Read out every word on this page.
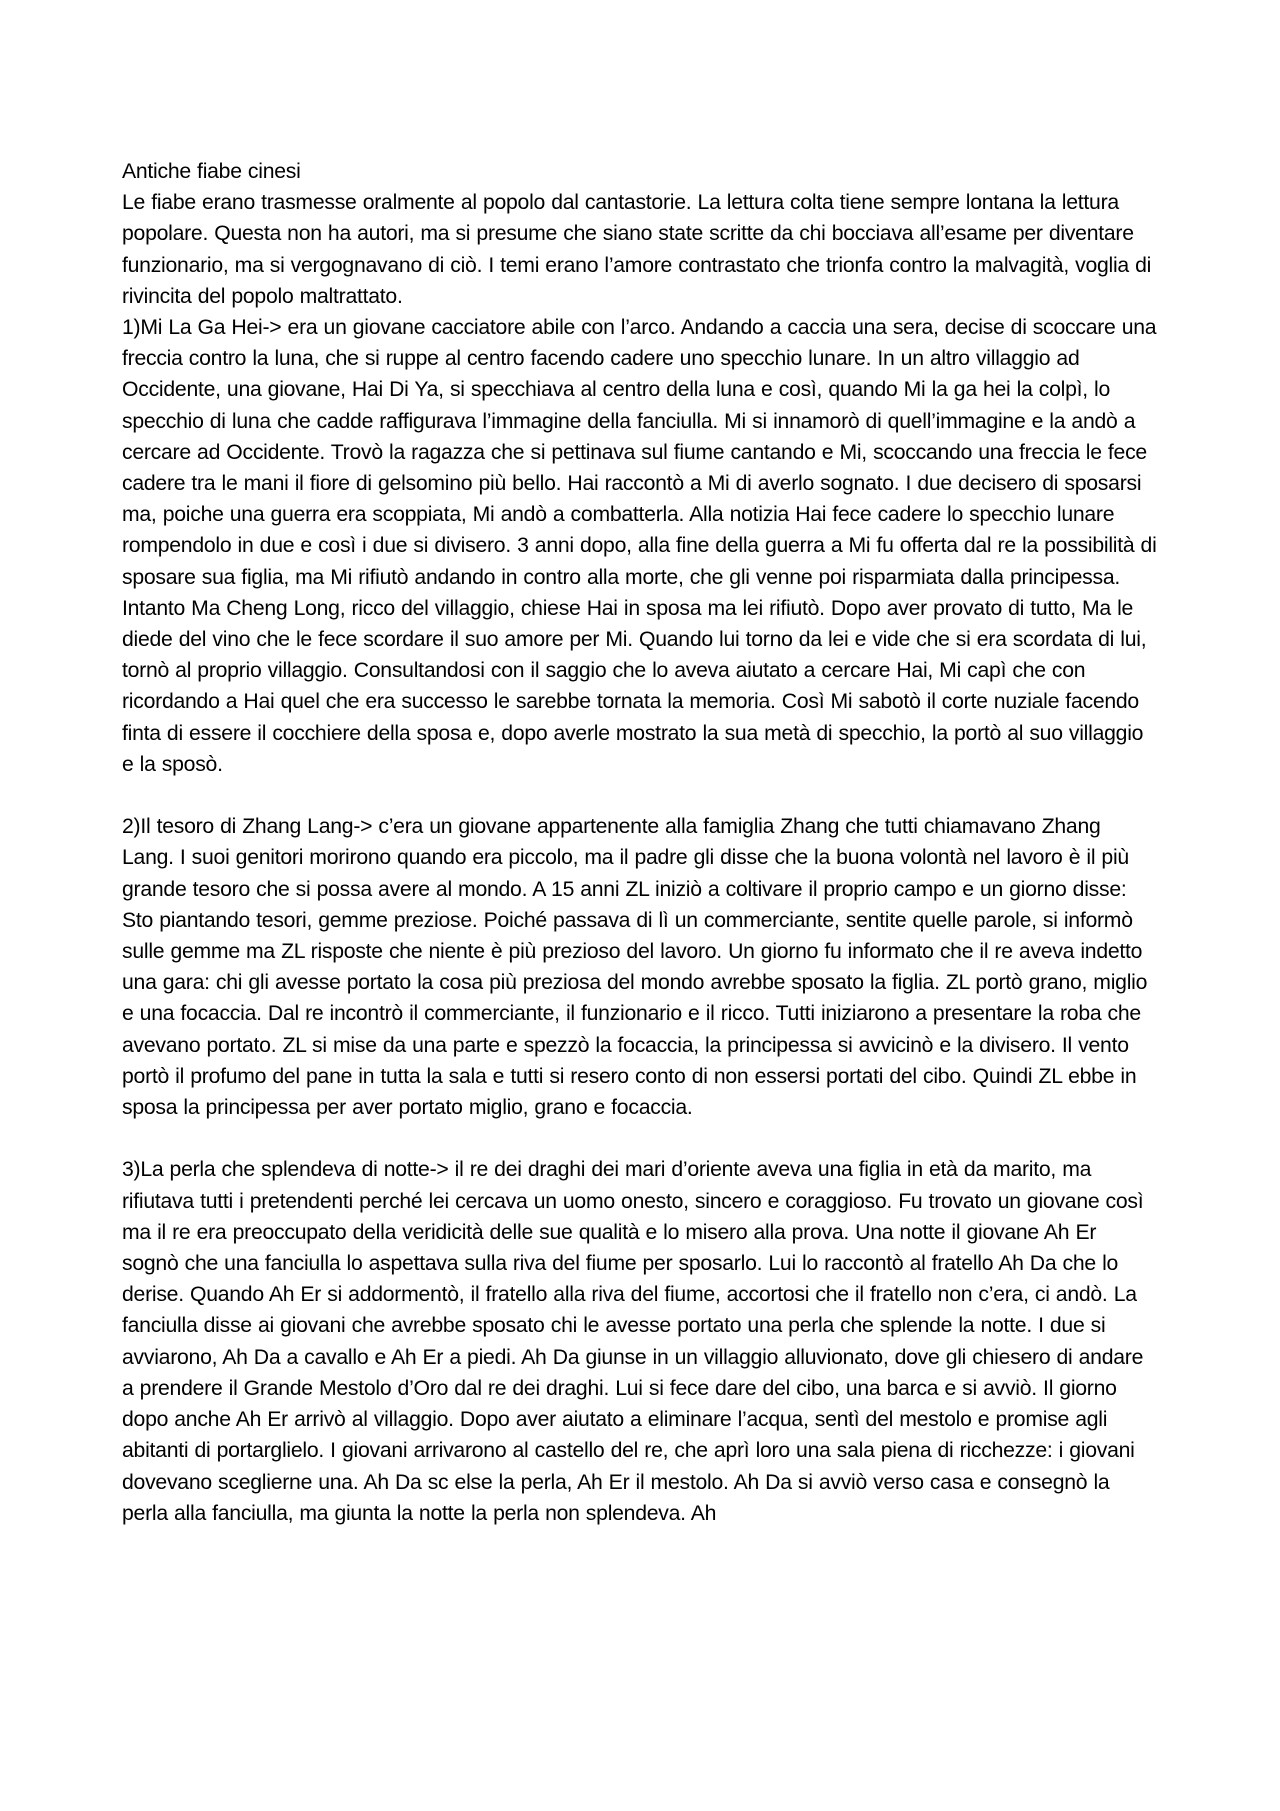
Antiche fiabe cinesi

Le fiabe erano trasmesse oralmente al popolo dal cantastorie. La lettura colta tiene sempre lontana la lettura popolare. Questa non ha autori, ma si presume che siano state scritte da chi bocciava all’esame per diventare funzionario, ma si vergognavano di ciò. I temi erano l’amore contrastato che trionfa contro la malvagità, voglia di rivincita del popolo maltrattato.

1)Mi La Ga Hei-> era un giovane cacciatore abile con l’arco. Andando a caccia una sera, decise di scoccare una freccia contro la luna, che si ruppe al centro facendo cadere uno specchio lunare. In un altro villaggio ad Occidente, una giovane, Hai Di Ya, si specchiava al centro della luna e così, quando Mi la ga hei la colpì, lo specchio di luna che cadde raffigurava l’immagine della fanciulla. Mi si innamorò di quell’immagine e la andò a cercare ad Occidente. Trovò la ragazza che si pettinava sul fiume cantando e Mi, scoccando una freccia le fece cadere tra le mani il fiore di gelsomino più bello. Hai raccontò a Mi di averlo sognato. I due decisero di sposarsi ma, poiche una guerra era scoppiata, Mi andò a combatterla. Alla notizia Hai fece cadere lo specchio lunare rompendolo in due e così i due si divisero. 3 anni dopo, alla fine della guerra a Mi fu offerta dal re la possibilità di sposare sua figlia, ma Mi rifiutò andando in contro alla morte, che gli venne poi risparmiata dalla principessa. Intanto Ma Cheng Long, ricco del villaggio, chiese Hai in sposa ma lei rifiutò. Dopo aver provato di tutto, Ma le diede del vino che le fece scordare il suo amore per Mi. Quando lui torno da lei e vide che si era scordata di lui, tornò al proprio villaggio. Consultandosi con il saggio che lo aveva aiutato a cercare Hai, Mi capì che con ricordando a Hai quel che era successo le sarebbe tornata la memoria. Così Mi sabotò il corte nuziale facendo finta di essere il cocchiere della sposa e, dopo averle mostrato la sua metà di specchio, la portò al suo villaggio e la sposò.

2)Il tesoro di Zhang Lang-> c’era un giovane appartenente alla famiglia Zhang che tutti chiamavano Zhang Lang. I suoi genitori morirono quando era piccolo, ma il padre gli disse che la buona volontà nel lavoro è il più grande tesoro che si possa avere al mondo. A 15 anni ZL iniziò a coltivare il proprio campo e un giorno disse: Sto piantando tesori, gemme preziose. Poiché passava di lì un commerciante, sentite quelle parole, si informò sulle gemme ma ZL risposte che niente è più prezioso del lavoro. Un giorno fu informato che il re aveva indetto una gara: chi gli avesse portato la cosa più preziosa del mondo avrebbe sposato la figlia. ZL portò grano, miglio e una focaccia. Dal re incontrò il commerciante, il funzionario e il ricco. Tutti iniziarono a presentare la roba che avevano portato. ZL si mise da una parte e spezzò la focaccia, la principessa si avvicinò e la divisero. Il vento portò il profumo del pane in tutta la sala e tutti si resero conto di non essersi portati del cibo. Quindi ZL ebbe in sposa la principessa per aver portato miglio, grano e focaccia.

3)La perla che splendeva di notte-> il re dei draghi dei mari d’oriente aveva una figlia in età da marito, ma rifiutava tutti i pretendenti perché lei cercava un uomo onesto, sincero e coraggioso. Fu trovato un giovane così ma il re era preoccupato della veridicità delle sue qualità e lo misero alla prova. Una notte il giovane Ah Er sognò che una fanciulla lo aspettava sulla riva del fiume per sposarlo. Lui lo raccontò al fratello Ah Da che lo derise. Quando Ah Er si addormentò, il fratello alla riva del fiume, accortosi che il fratello non c’era, ci andò. La fanciulla disse ai giovani che avrebbe sposato chi le avesse portato una perla che splende la notte. I due si avviarono, Ah Da a cavallo e Ah Er a piedi. Ah Da giunse in un villaggio alluvionato, dove gli chiesero di andare a prendere il Grande Mestolo d’Oro dal re dei draghi. Lui si fece dare del cibo, una barca e si avviò. Il giorno dopo anche Ah Er arrivò al villaggio. Dopo aver aiutato a eliminare l’acqua, sentì del mestolo e promise agli abitanti di portarglielo. I giovani arrivarono al castello del re, che aprì loro una sala piena di ricchezze: i giovani dovevano sceglierne una. Ah Da sc else la perla, Ah Er il mestolo. Ah Da si avviò verso casa e consegnò la perla alla fanciulla, ma giunta la notte la perla non splendeva. Ah
